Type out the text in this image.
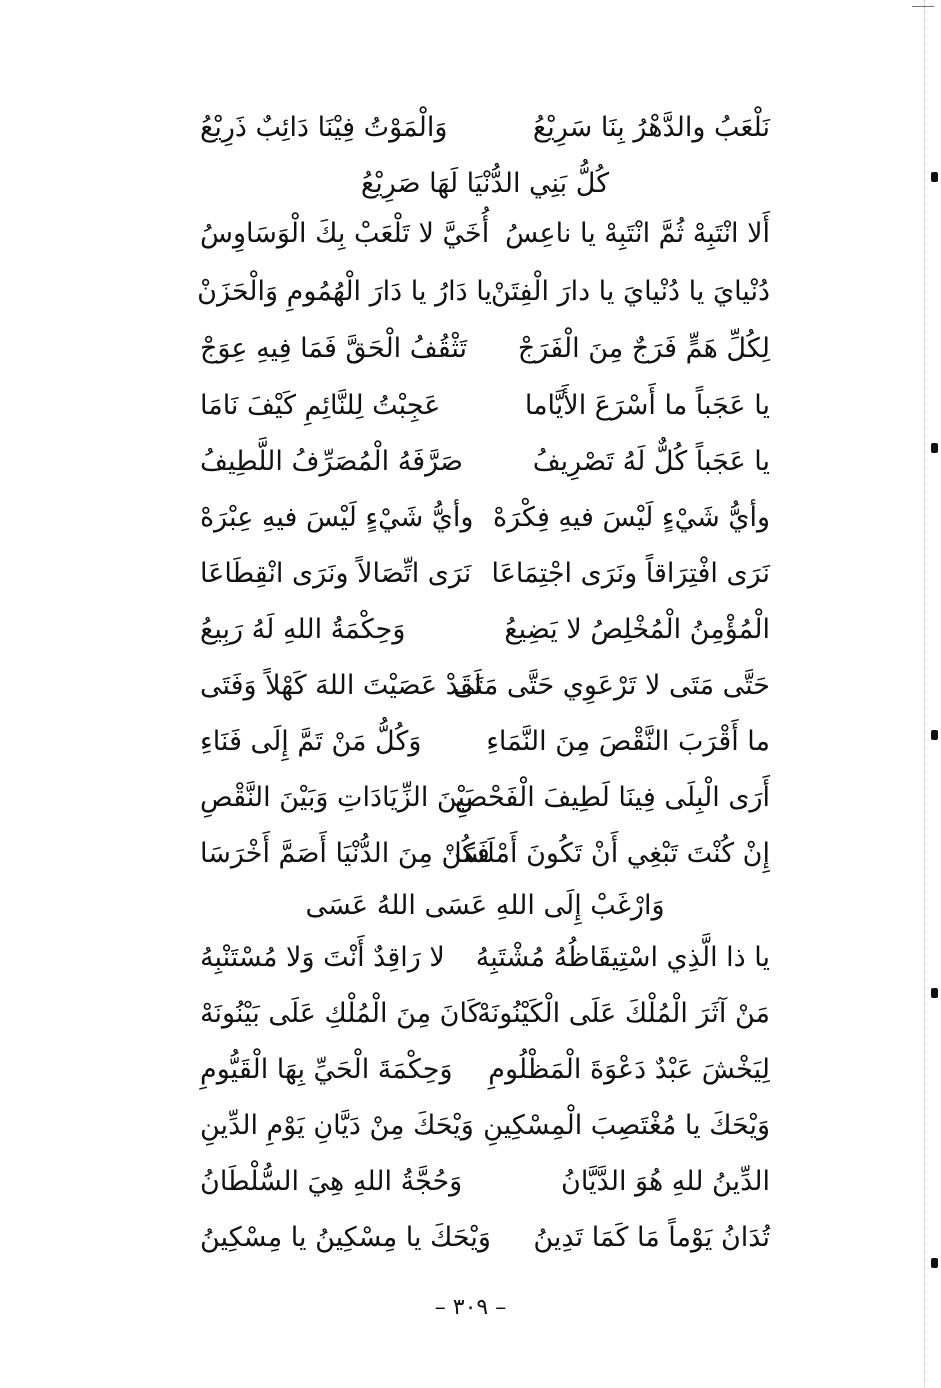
نَلْعَبُ والدَّهْرُ بِنَا سَرِيْعُ
وَالْمَوْتُ فِيْنَا دَائِبٌ ذَرِيْعُ
كُلُّ بَنِي الدُّنْيَا لَهَا صَرِيْعُ
أَلا انْتَبِهْ ثُمَّ انْتَبِهْ يا ناعِسُ
أُخَيَّ لا تَلْعَبْ بِكَ الْوَسَاوِسُ
دُنْيايَ يا دُنْيايَ يا دارَ الْفِتَنْ
يا دَارُ يا دَارَ الْهُمُومِ وَالْحَزَنْ
لِكُلِّ هَمٍّ فَرَجٌ مِنَ الْفَرَجْ
تَثْقُفُ الْحَقَّ فَمَا فِيهِ عِوَجْ
يا عَجَباً ما أَسْرَعَ الأَيَّاما
عَجِبْتُ لِلنَّائِمِ كَيْفَ نَامَا
يا عَجَباً كُلٌّ لَهُ تَصْرِيفُ
صَرَّفَهُ الْمُصَرِّفُ اللَّطِيفُ
وأيُّ شَيْءٍ لَيْسَ فيهِ فِكْرَهْ
وأيُّ شَيْءٍ لَيْسَ فيهِ عِبْرَهْ
نَرَى افْتِرَاقاً ونَرَى اجْتِمَاعَا
نَرَى اتِّصَالاً ونَرَى انْقِطَاعَا
الْمُؤْمِنُ الْمُخْلِصُ لا يَضِيعُ
وَحِكْمَةُ اللهِ لَهُ رَبِيعُ
حَتَّى مَتَى لا تَرْعَوِي حَتَّى مَتَى
لَقَدْ عَصَيْتَ اللهَ كَهْلاً وَفَتَى
ما أَقْرَبَ النَّقْصَ مِنَ النَّمَاءِ
وَكُلُّ مَنْ تَمَّ إِلَى فَنَاءِ
أَرَى الْبِلَى فِينَا لَطِيفَ الْفَحْصِ
بَيْنَ الزِّيَادَاتِ وَبَيْنَ النَّقْصِ
إِنْ كُنْتَ تَبْغِي أَنْ تَكُونَ أَمْلَسَا
فَكُنْ مِنَ الدُّنْيَا أَصَمَّ أَخْرَسَا
وَارْغَبْ إِلَى اللهِ عَسَى اللهُ عَسَى
يا ذا الَّذِي اسْتِيقَاظُهُ مُشْتَبِهُ
لا رَاقِدٌ أَنْتَ وَلا مُسْتَنْبِهُ
مَنْ آثَرَ الْمُلْكَ عَلَى الْكَيْنُونَهْ
كَانَ مِنَ الْمُلْكِ عَلَى بَيْنُونَهْ
لِيَخْشَ عَبْدٌ دَعْوَةَ الْمَظْلُومِ
وَحِكْمَةَ الْحَيِّ بِهَا الْقَيُّومِ
وَيْحَكَ يا مُغْتَصِبَ الْمِسْكِينِ
وَيْحَكَ مِنْ دَيَّانِ يَوْمِ الدِّينِ
الدِّينُ للهِ هُوَ الدَّيَّانُ
وَحُجَّةُ اللهِ هِيَ السُّلْطَانُ
تُدَانُ يَوْماً مَا كَمَا تَدِينُ
وَيْحَكَ يا مِسْكِينُ يا مِسْكِينُ
– ٣٠٩ –
